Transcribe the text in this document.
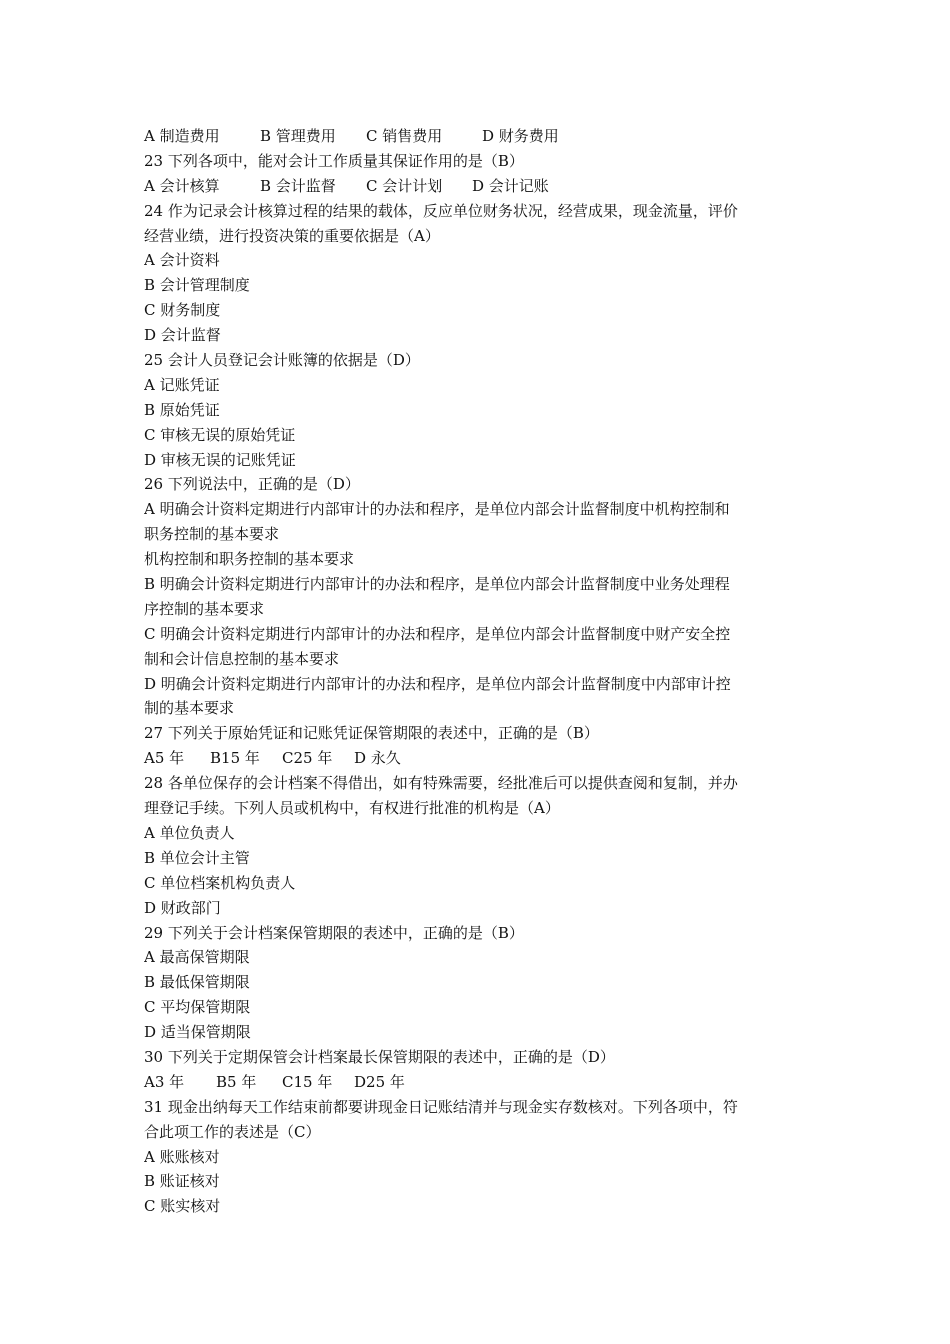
A 制造费用	B 管理费用	C 销售费用	D 财务费用
23 下列各项中，能对会计工作质量其保证作用的是（B）
A 会计核算	B 会计监督	C 会计计划	D 会计记账
24 作为记录会计核算过程的结果的载体，反应单位财务状况，经营成果，现金流量，评价
经营业绩，进行投资决策的重要依据是（A）
A 会计资料
B 会计管理制度
C 财务制度
D 会计监督
25 会计人员登记会计账簿的依据是（D）
A 记账凭证
B 原始凭证
C 审核无误的原始凭证
D 审核无误的记账凭证
26 下列说法中，正确的是（D）
A 明确会计资料定期进行内部审计的办法和程序，是单位内部会计监督制度中机构控制和
职务控制的基本要求
机构控制和职务控制的基本要求
B 明确会计资料定期进行内部审计的办法和程序，是单位内部会计监督制度中业务处理程
序控制的基本要求
C 明确会计资料定期进行内部审计的办法和程序，是单位内部会计监督制度中财产安全控
制和会计信息控制的基本要求
D 明确会计资料定期进行内部审计的办法和程序，是单位内部会计监督制度中内部审计控
制的基本要求
27 下列关于原始凭证和记账凭证保管期限的表述中，正确的是（B）
A5 年	B15 年	C25 年	D 永久
28 各单位保存的会计档案不得借出，如有特殊需要，经批准后可以提供查阅和复制，并办
理登记手续。下列人员或机构中，有权进行批准的机构是（A）
A 单位负责人
B 单位会计主管
C 单位档案机构负责人
D 财政部门
29 下列关于会计档案保管期限的表述中，正确的是（B）
A 最高保管期限
B 最低保管期限
C 平均保管期限
D 适当保管期限
30 下列关于定期保管会计档案最长保管期限的表述中，正确的是（D）
A3 年	B5 年	C15 年	D25 年
31 现金出纳每天工作结束前都要讲现金日记账结清并与现金实存数核对。下列各项中，符
合此项工作的表述是（C）
A 账账核对
B 账证核对
C 账实核对
